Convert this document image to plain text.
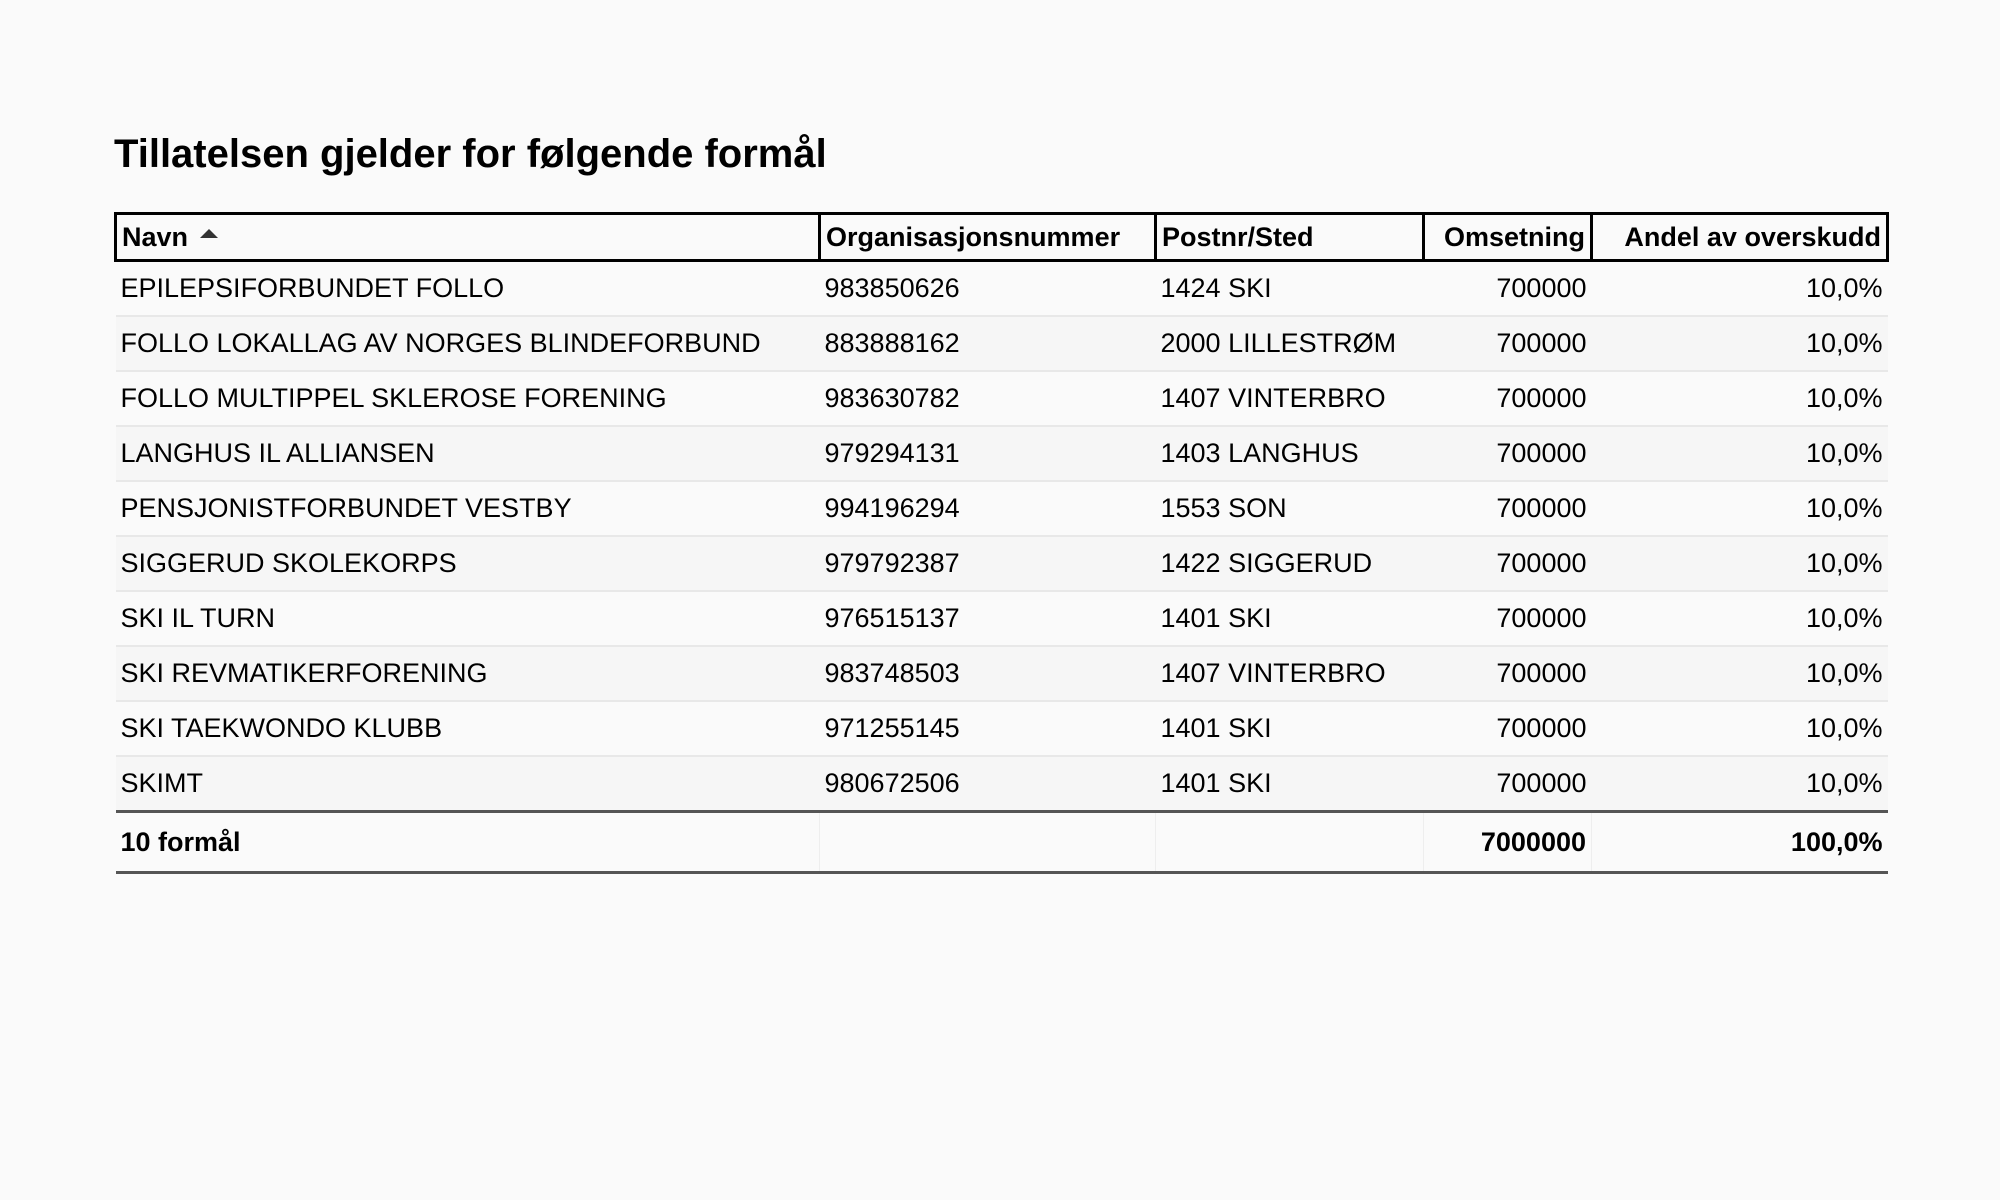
Tillatelsen gjelder for følgende formål
Navn	Organisasjonsnummer	Postnr/Sted	Omsetning	Andel av overskudd
EPILEPSIFORBUNDET FOLLO	983850626	1424 SKI	700000	10,0%
FOLLO LOKALLAG AV NORGES BLINDEFORBUND	883888162	2000 LILLESTRØM	700000	10,0%
FOLLO MULTIPPEL SKLEROSE FORENING	983630782	1407 VINTERBRO	700000	10,0%
LANGHUS IL ALLIANSEN	979294131	1403 LANGHUS	700000	10,0%
PENSJONISTFORBUNDET VESTBY	994196294	1553 SON	700000	10,0%
SIGGERUD SKOLEKORPS	979792387	1422 SIGGERUD	700000	10,0%
SKI IL TURN	976515137	1401 SKI	700000	10,0%
SKI REVMATIKERFORENING	983748503	1407 VINTERBRO	700000	10,0%
SKI TAEKWONDO KLUBB	971255145	1401 SKI	700000	10,0%
SKIMT	980672506	1401 SKI	700000	10,0%
10 formål			7000000	100,0%
